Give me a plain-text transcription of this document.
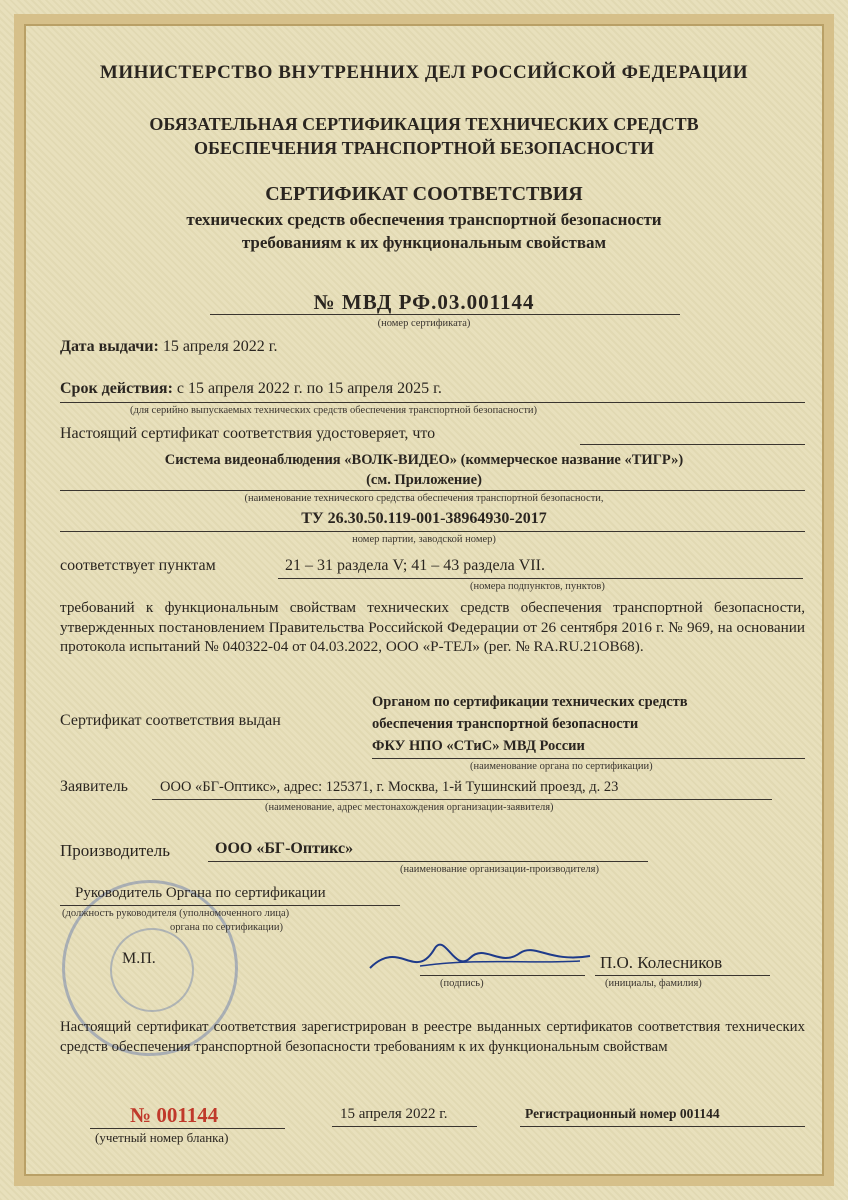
МИНИСТЕРСТВО ВНУТРЕННИХ ДЕЛ РОССИЙСКОЙ ФЕДЕРАЦИИ
ОБЯЗАТЕЛЬНАЯ СЕРТИФИКАЦИЯ ТЕХНИЧЕСКИХ СРЕДСТВ
ОБЕСПЕЧЕНИЯ ТРАНСПОРТНОЙ БЕЗОПАСНОСТИ
СЕРТИФИКАТ СООТВЕТСТВИЯ
технических средств обеспечения транспортной безопасности
требованиям к их функциональным свойствам
№ МВД РФ.03.001144
(номер сертификата)
Дата выдачи: 15 апреля 2022 г.
Срок действия: с 15 апреля 2022 г. по 15 апреля 2025 г.
(для серийно выпускаемых технических средств обеспечения транспортной безопасности)
Настоящий сертификат соответствия удостоверяет, что
Система видеонаблюдения «ВОЛК-ВИДЕО» (коммерческое название «ТИГР»)
(см. Приложение)
(наименование технического средства обеспечения транспортной безопасности,
ТУ 26.30.50.119-001-38964930-2017
номер партии, заводской номер)
соответствует пунктам	21 – 31 раздела V; 41 – 43 раздела VII.
(номера подпунктов, пунктов)
требований к функциональным свойствам технических средств обеспечения транспортной безопасности, утвержденных постановлением Правительства Российской Федерации от 26 сентября 2016 г. № 969, на основании протокола испытаний № 040322-04 от 04.03.2022, ООО «Р-ТЕЛ» (рег. № RA.RU.21OB68).
Сертификат соответствия выдан
Органом по сертификации технических средств
обеспечения транспортной безопасности
ФКУ НПО «СТиС» МВД России
(наименование органа по сертификации)
Заявитель ООО «БГ-Оптикс», адрес: 125371, г. Москва, 1-й Тушинский проезд, д. 23
(наименование, адрес местонахождения организации-заявителя)
Производитель	ООО «БГ-Оптикс»
(наименование организации-производителя)
Руководитель Органа по сертификации
(должность руководителя (уполномоченного лица)
органа по сертификации)
М.П.
(подпись)
П.О. Колесников
(инициалы, фамилия)
Настоящий сертификат соответствия зарегистрирован в реестре выданных сертификатов соответствия технических средств обеспечения транспортной безопасности требованиям к их функциональным свойствам
№ 001144
(учетный номер бланка)
15 апреля 2022 г.	Регистрационный номер 001144
